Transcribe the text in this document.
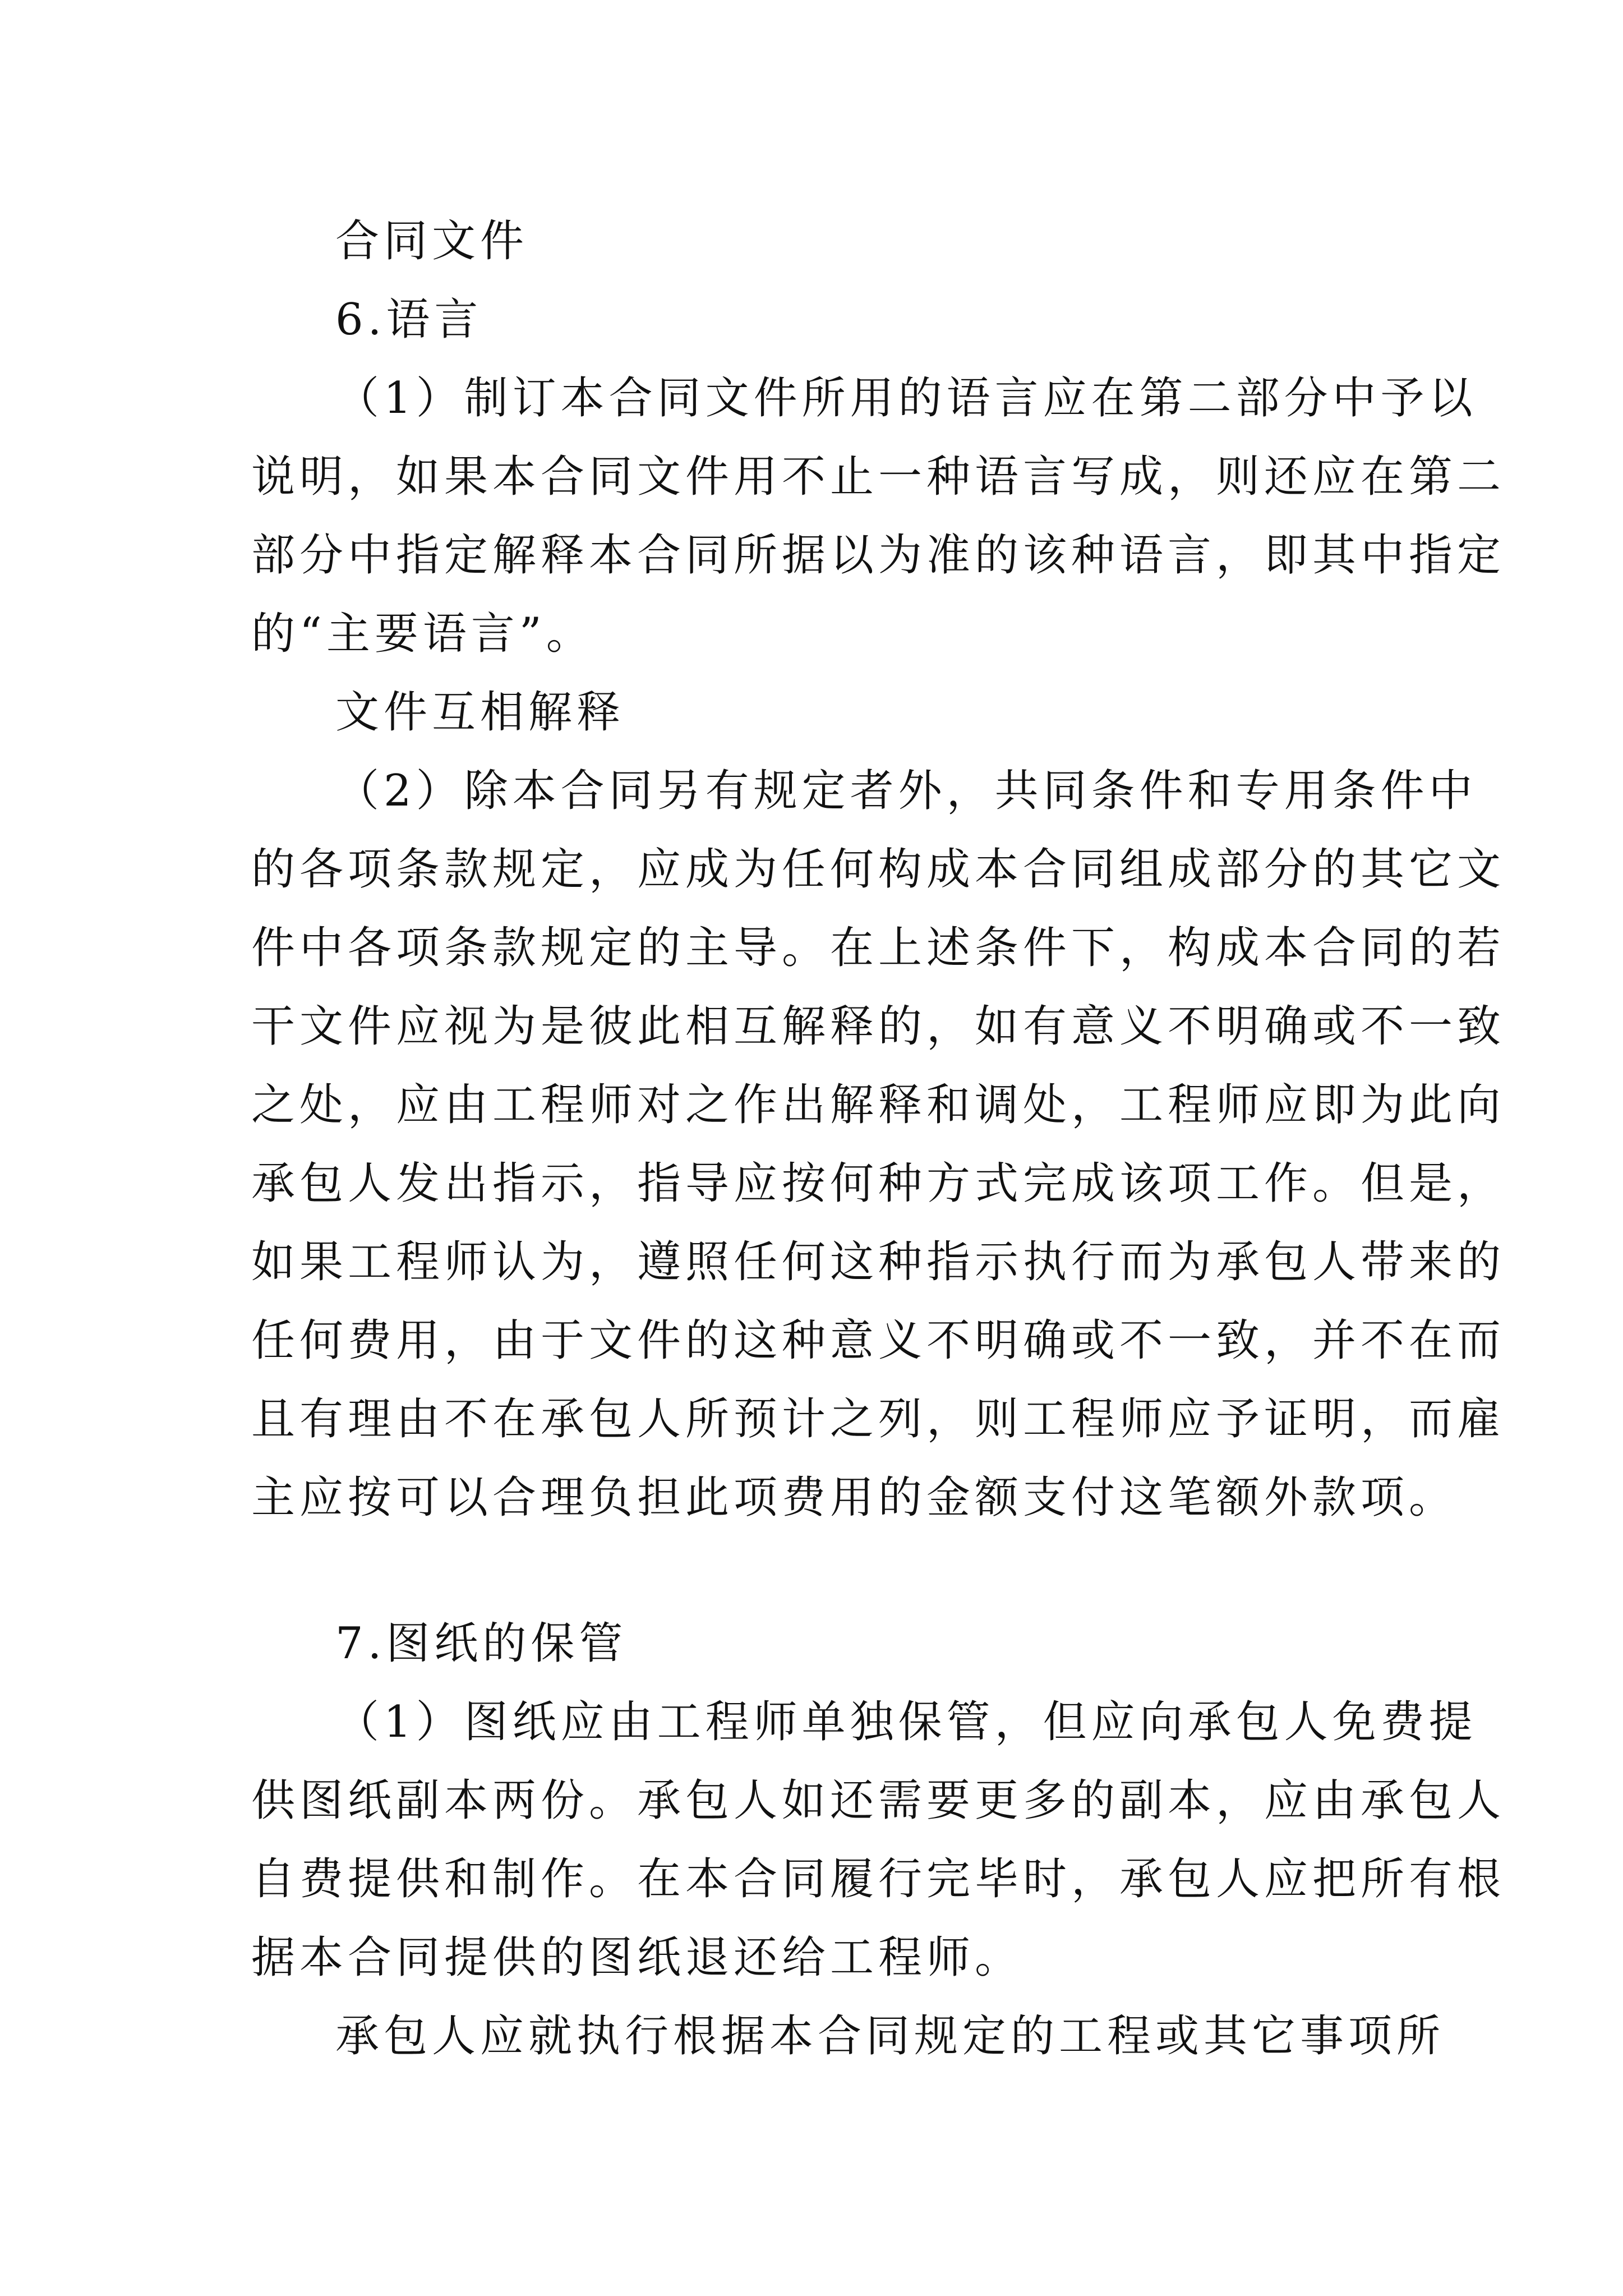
合同文件
6.语言
（1）制订本合同文件所用的语言应在第二部分中予以
说明，如果本合同文件用不止一种语言写成，则还应在第二
部分中指定解释本合同所据以为准的该种语言，即其中指定
的“主要语言”。
文件互相解释
（2）除本合同另有规定者外，共同条件和专用条件中
的各项条款规定，应成为任何构成本合同组成部分的其它文
件中各项条款规定的主导。在上述条件下，构成本合同的若
干文件应视为是彼此相互解释的，如有意义不明确或不一致
之处，应由工程师对之作出解释和调处，工程师应即为此向
承包人发出指示，指导应按何种方式完成该项工作。但是，
如果工程师认为，遵照任何这种指示执行而为承包人带来的
任何费用，由于文件的这种意义不明确或不一致，并不在而
且有理由不在承包人所预计之列，则工程师应予证明，而雇
主应按可以合理负担此项费用的金额支付这笔额外款项。
7.图纸的保管
（1）图纸应由工程师单独保管，但应向承包人免费提
供图纸副本两份。承包人如还需要更多的副本，应由承包人
自费提供和制作。在本合同履行完毕时，承包人应把所有根
据本合同提供的图纸退还给工程师。
承包人应就执行根据本合同规定的工程或其它事项所
